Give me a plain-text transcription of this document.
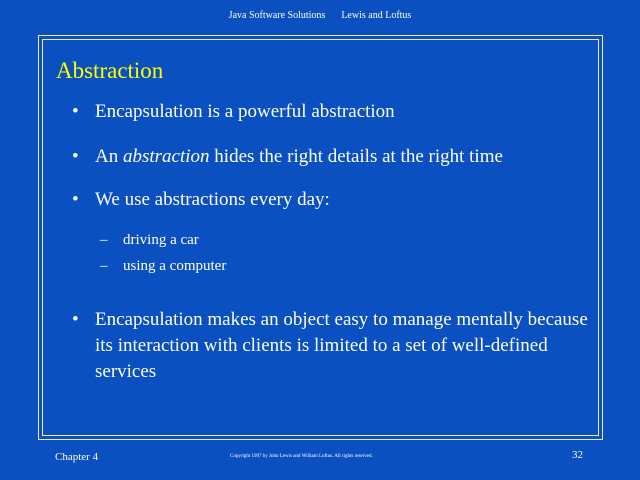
Java Software Solutions Lewis and Loftus
Abstraction
• Encapsulation is a powerful abstraction
• An abstraction hides the right details at the right time
• We use abstractions every day:
– driving a car
– using a computer
• Encapsulation makes an object easy to manage mentally because its interaction with clients is limited to a set of well-defined services
Chapter 4	Copyright 1997 by John Lewis and William Loftus. All rights reserved.	32
